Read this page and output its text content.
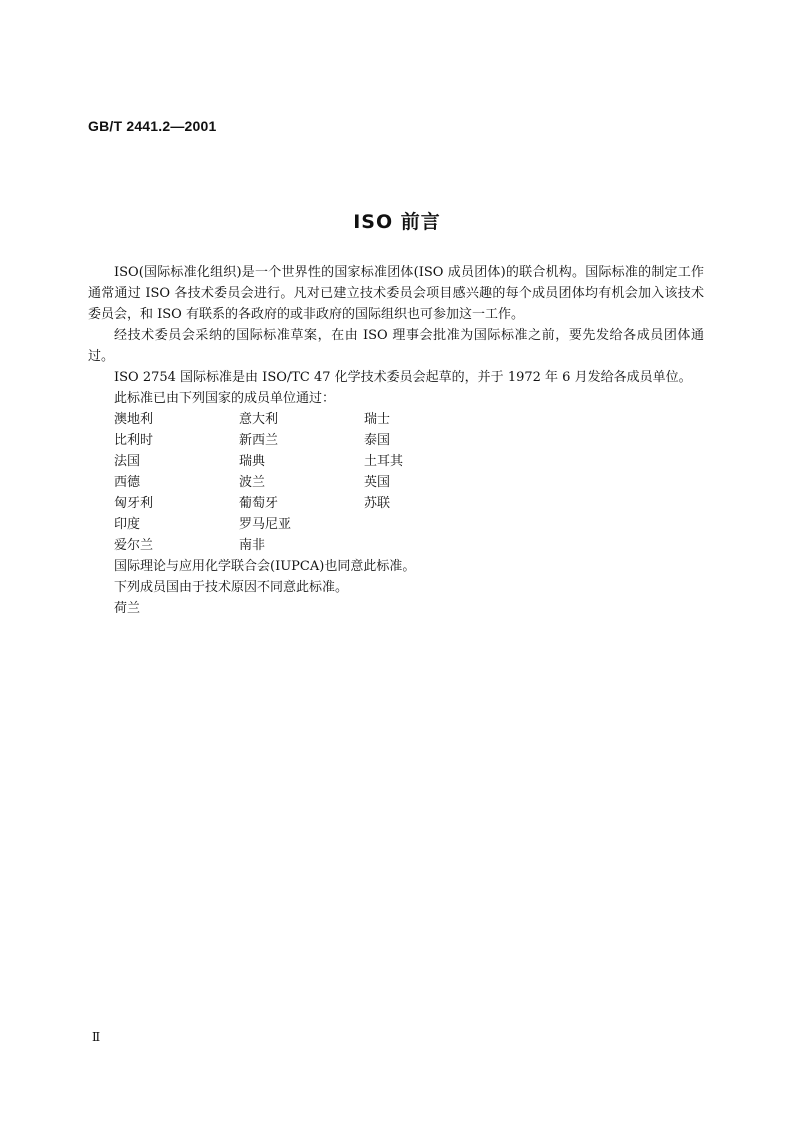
GB/T 2441.2—2001
ISO 前言

ISO(国际标准化组织)是一个世界性的国家标准团体(ISO 成员团体)的联合机构。国际标准的制定工作通常通过 ISO 各技术委员会进行。凡对已建立技术委员会项目感兴趣的每个成员团体均有机会加入该技术委员会，和 ISO 有联系的各政府的或非政府的国际组织也可参加这一工作。

经技术委员会采纳的国际标准草案，在由 ISO 理事会批准为国际标准之前，要先发给各成员团体通过。

ISO 2754 国际标准是由 ISO/TC 47 化学技术委员会起草的，并于 1972 年 6 月发给各成员单位。

此标准已由下列国家的成员单位通过：

澳地利	意大利	瑞士
比利时	新西兰	泰国
法国	瑞典	土耳其
西德	波兰	英国
匈牙利	葡萄牙	苏联
印度	罗马尼亚
爱尔兰	南非

国际理论与应用化学联合会(IUPCA)也同意此标准。

下列成员国由于技术原因不同意此标准。

荷兰

Ⅱ
